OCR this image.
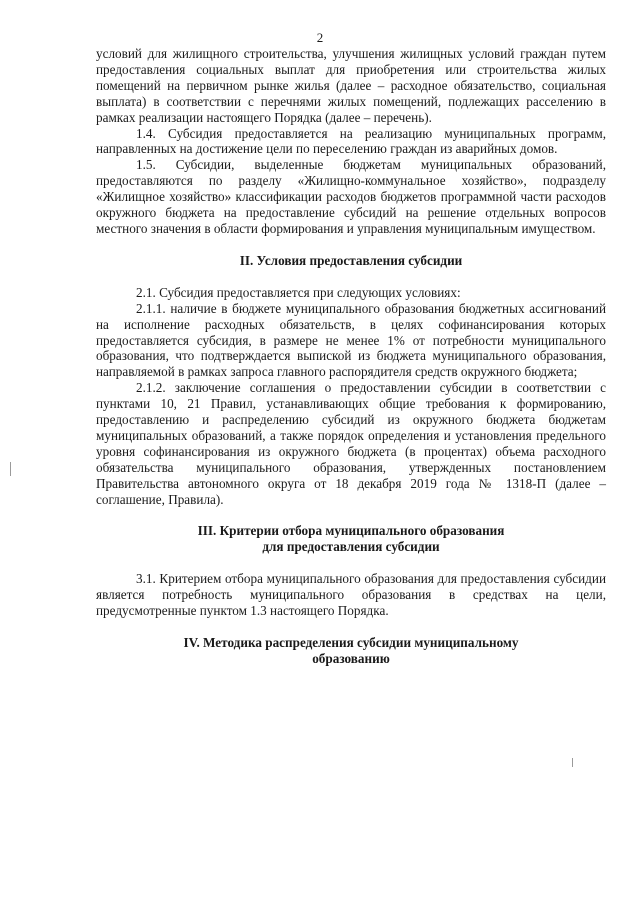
2

условий для жилищного строительства, улучшения жилищных условий граждан путем предоставления социальных выплат для приобретения или строительства жилых помещений на первичном рынке жилья (далее – расходное обязательство, социальная выплата) в соответствии с перечнями жилых помещений, подлежащих расселению в рамках реализации настоящего Порядка (далее – перечень).

1.4. Субсидия предоставляется на реализацию муниципальных программ, направленных на достижение цели по переселению граждан из аварийных домов.

1.5. Субсидии, выделенные бюджетам муниципальных образований, предоставляются по разделу «Жилищно-коммунальное хозяйство», подразделу «Жилищное хозяйство» классификации расходов бюджетов программной части расходов окружного бюджета на предоставление субсидий на решение отдельных вопросов местного значения в области формирования и управления муниципальным имуществом.

II. Условия предоставления субсидии

2.1. Субсидия предоставляется при следующих условиях:

2.1.1. наличие в бюджете муниципального образования бюджетных ассигнований на исполнение расходных обязательств, в целях софинансирования которых предоставляется субсидия, в размере не менее 1% от потребности муниципального образования, что подтверждается выпиской из бюджета муниципального образования, направляемой в рамках запроса главного распорядителя средств окружного бюджета;

2.1.2. заключение соглашения о предоставлении субсидии в соответствии с пунктами 10, 21 Правил, устанавливающих общие требования к формированию, предоставлению и распределению субсидий из окружного бюджета бюджетам муниципальных образований, а также порядок определения и установления предельного уровня софинансирования из окружного бюджета (в процентах) объема расходного обязательства муниципального образования, утвержденных постановлением Правительства автономного округа от 18 декабря 2019 года № 1318-П (далее – соглашение, Правила).

III. Критерии отбора муниципального образования
для предоставления субсидии

3.1. Критерием отбора муниципального образования для предоставления субсидии является потребность муниципального образования в средствах на цели, предусмотренные пунктом 1.3 настоящего Порядка.

IV. Методика распределения субсидии муниципальному
образованию
